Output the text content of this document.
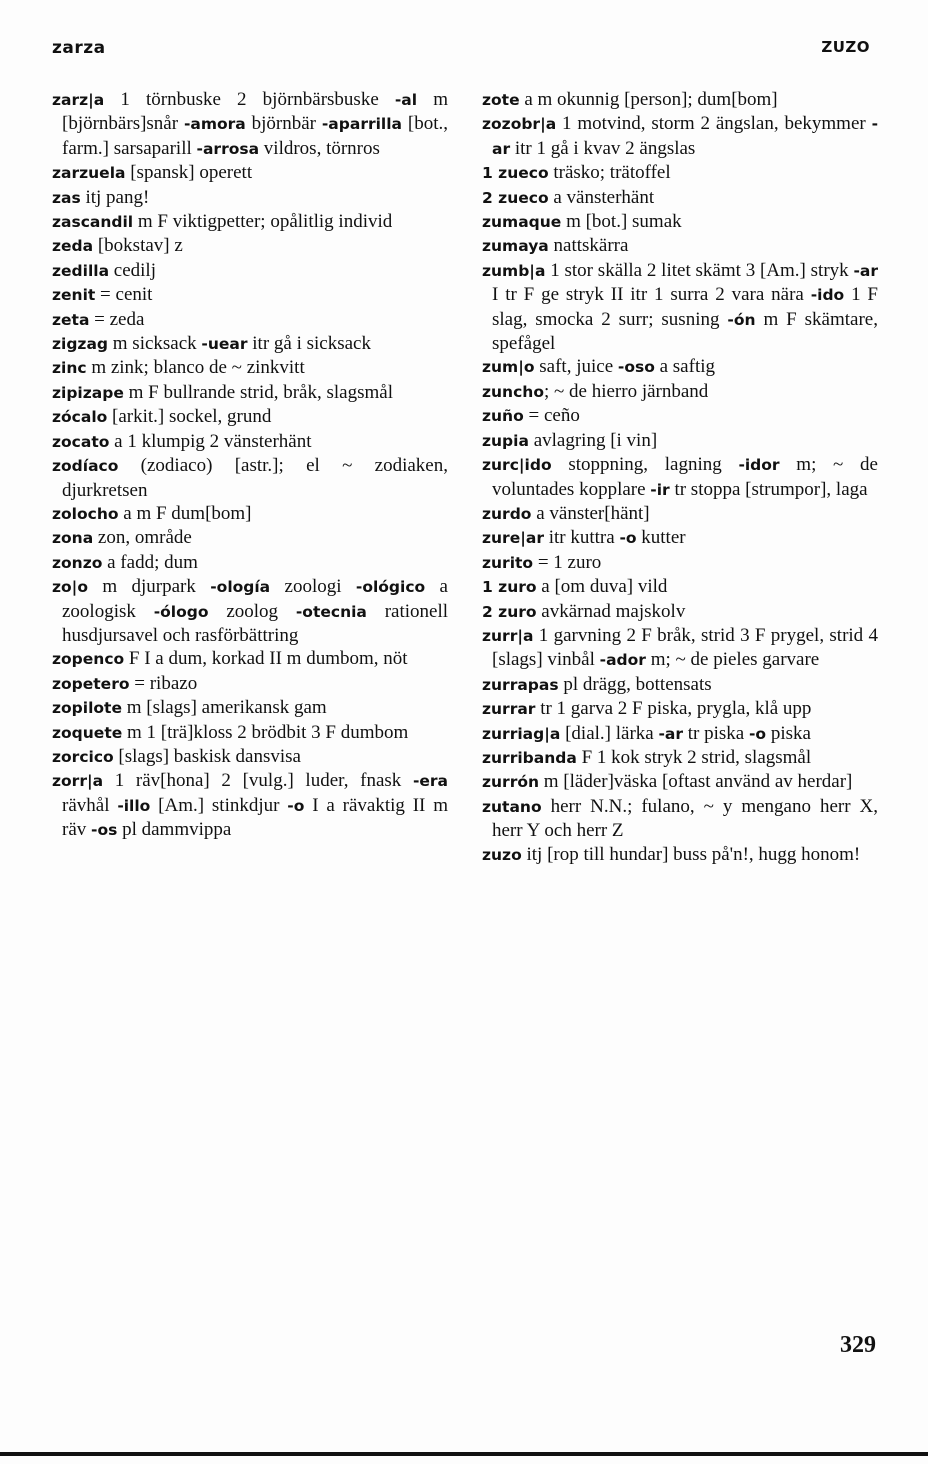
zarza	ZUZO
zarz|a 1 törnbuske 2 björnbärsbuske -al m [björnbärs]snår -amora björnbär -aparrilla [bot., farm.] sarsaparill -arrosa vildros, törnros
zarzuela [spansk] operett
zas itj pang!
zascandil m F viktigpetter; opålitlig individ
zeda [bokstav] z
zedilla cedilj
zenit = cenit
zeta = zeda
zigzag m sicksack -uear itr gå i sicksack
zinc m zink; blanco de ~ zinkvitt
zipizape m F bullrande strid, bråk, slagsmål
zócalo [arkit.] sockel, grund
zocato a 1 klumpig 2 vänsterhänt
zodíaco (zodiaco) [astr.]; el ~ zodiaken, djurkretsen
zolocho a m F dum[bom]
zona zon, område
zonzo a fadd; dum
zo|o m djurpark -ología zoologi -ológico a zoologisk -ólogo zoolog -otecnia rationell husdjursavel och rasförbättring
zopenco F I a dum, korkad II m dumbom, nöt
zopetero = ribazo
zopilote m [slags] amerikansk gam
zoquete m 1 [trä]kloss 2 brödbit 3 F dumbom
zorcico [slags] baskisk dansvisa
zorr|a 1 räv[hona] 2 [vulg.] luder, fnask -era rävhål -illo [Am.] stinkdjur -o I a rävaktig II m räv -os pl dammvippa
zote a m okunnig [person]; dum[bom]
zozobr|a 1 motvind, storm 2 ängslan, bekymmer -ar itr 1 gå i kvav 2 ängslas
1 zueco träsko; trätoffel
2 zueco a vänsterhänt
zumaque m [bot.] sumak
zumaya nattskärra
zumb|a 1 stor skälla 2 litet skämt 3 [Am.] stryk -ar I tr F ge stryk II itr 1 surra 2 vara nära -ido 1 F slag, smocka 2 surr; susning -ón m F skämtare, spefågel
zum|o saft, juice -oso a saftig
zuncho; ~ de hierro järnband
zuño = ceño
zupia avlagring [i vin]
zurc|ido stoppning, lagning -idor m; ~ de voluntades kopplare -ir tr stoppa [strumpor], laga
zurdo a vänster[hänt]
zure|ar itr kuttra -o kutter
zurito = 1 zuro
1 zuro a [om duva] vild
2 zuro avkärnad majskolv
zurr|a 1 garvning 2 F bråk, strid 3 F prygel, strid 4 [slags] vinbål -ador m; ~ de pieles garvare
zurrapas pl drägg, bottensats
zurrar tr 1 garva 2 F piska, prygla, klå upp
zurriag|a [dial.] lärka -ar tr piska -o piska
zurribanda F 1 kok stryk 2 strid, slagsmål
zurrón m [läder]väska [oftast använd av herdar]
zutano herr N.N.; fulano, ~ y mengano herr X, herr Y och herr Z
zuzo itj [rop till hundar] buss på'n!, hugg honom!
329
